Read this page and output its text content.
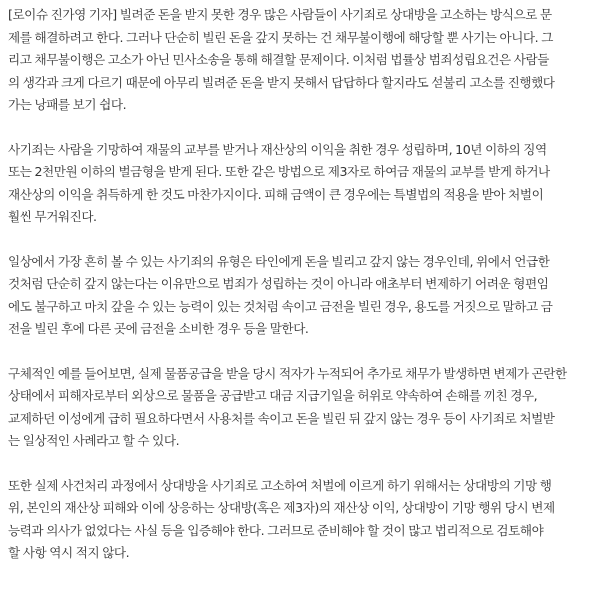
[로이슈 진가영 기자] 빌려준 돈을 받지 못한 경우 많은 사람들이 사기죄로 상대방을 고소하는 방식으로 문
제를 해결하려고 한다. 그러나 단순히 빌린 돈을 갚지 못하는 건 채무불이행에 해당할 뿐 사기는 아니다. 그
리고 채무불이행은 고소가 아닌 민사소송을 통해 해결할 문제이다. 이처럼 법률상 범죄성립요건은 사람들
의 생각과 크게 다르기 때문에 아무리 빌려준 돈을 받지 못해서 답답하다 할지라도 섣불리 고소를 진행했다
가는 낭패를 보기 쉽다.

사기죄는 사람을 기망하여 재물의 교부를 받거나 재산상의 이익을 취한 경우 성립하며, 10년 이하의 징역
또는 2천만원 이하의 벌금형을 받게 된다. 또한 같은 방법으로 제3자로 하여금 재물의 교부를 받게 하거나
재산상의 이익을 취득하게 한 것도 마찬가지이다. 피해 금액이 큰 경우에는 특별법의 적용을 받아 처벌이
훨씬 무거워진다.

일상에서 가장 흔히 볼 수 있는 사기죄의 유형은 타인에게 돈을 빌리고 갚지 않는 경우인데, 위에서 언급한
것처럼 단순히 갚지 않는다는 이유만으로 범죄가 성립하는 것이 아니라 애초부터 변제하기 어려운 형편임
에도 불구하고 마치 갚을 수 있는 능력이 있는 것처럼 속이고 금전을 빌린 경우, 용도를 거짓으로 말하고 금
전을 빌린 후에 다른 곳에 금전을 소비한 경우 등을 말한다.

구체적인 예를 들어보면, 실제 물품공급을 받을 당시 적자가 누적되어 추가로 채무가 발생하면 변제가 곤란한
상태에서 피해자로부터 외상으로 물품을 공급받고 대금 지급기일을 허위로 약속하여 손해를 끼친 경우,
교제하던 이성에게 급히 필요하다면서 사용처를 속이고 돈을 빌린 뒤 갚지 않는 경우 등이 사기죄로 처벌받
는 일상적인 사례라고 할 수 있다.

또한 실제 사건처리 과정에서 상대방을 사기죄로 고소하여 처벌에 이르게 하기 위해서는 상대방의 기망 행
위, 본인의 재산상 피해와 이에 상응하는 상대방(혹은 제3자)의 재산상 이익, 상대방이 기망 행위 당시 변제
능력과 의사가 없었다는 사실 등을 입증해야 한다. 그러므로 준비해야 할 것이 많고 법리적으로 검토해야
할 사항 역시 적지 않다.
